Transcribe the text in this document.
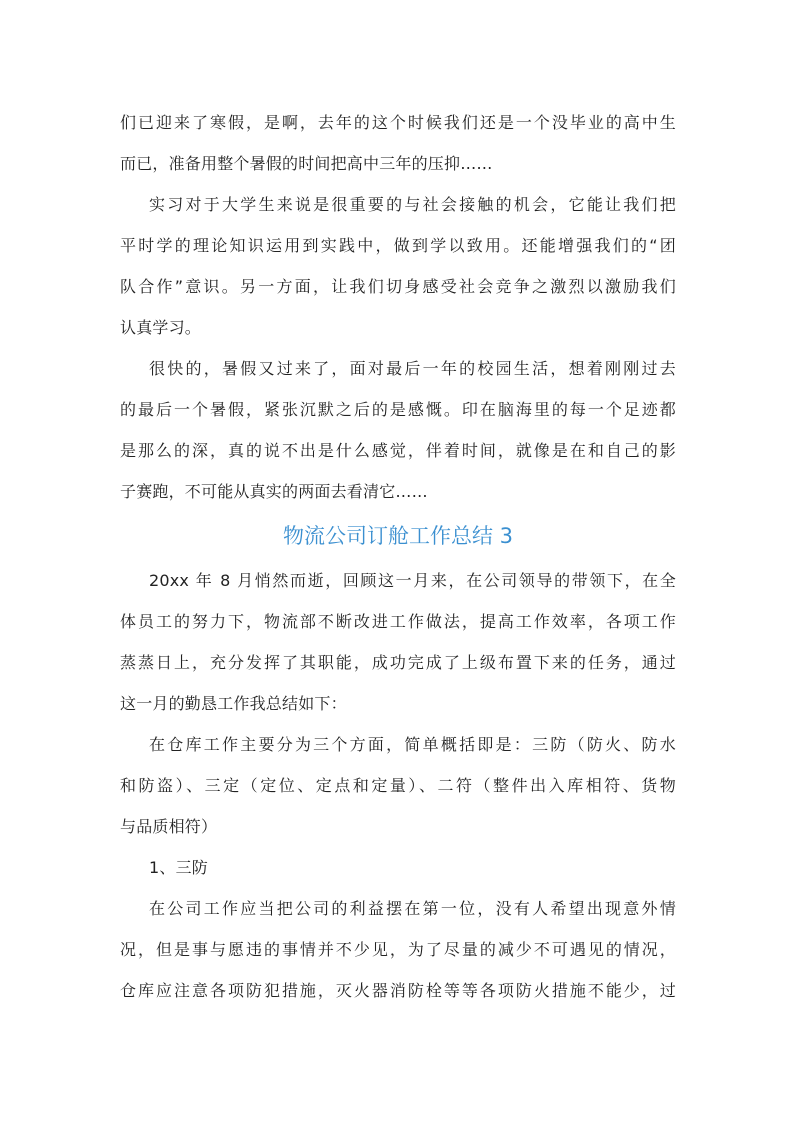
们已迎来了寒假，是啊，去年的这个时候我们还是一个没毕业的高中生
而已，准备用整个暑假的时间把高中三年的压抑……
实习对于大学生来说是很重要的与社会接触的机会，它能让我们把
平时学的理论知识运用到实践中，做到学以致用。还能增强我们的“团
队合作”意识。另一方面，让我们切身感受社会竞争之激烈以激励我们
认真学习。
很快的，暑假又过来了，面对最后一年的校园生活，想着刚刚过去
的最后一个暑假，紧张沉默之后的是感慨。印在脑海里的每一个足迹都
是那么的深，真的说不出是什么感觉，伴着时间，就像是在和自己的影
子赛跑，不可能从真实的两面去看清它……
物流公司订舱工作总结 3
20xx 年 8 月悄然而逝，回顾这一月来，在公司领导的带领下，在全
体员工的努力下，物流部不断改进工作做法，提高工作效率，各项工作
蒸蒸日上，充分发挥了其职能，成功完成了上级布置下来的任务，通过
这一月的勤恳工作我总结如下：
在仓库工作主要分为三个方面，简单概括即是：三防（防火、防水
和防盗）、三定（定位、定点和定量）、二符（整件出入库相符、货物
与品质相符）
1、三防
在公司工作应当把公司的利益摆在第一位，没有人希望出现意外情
况，但是事与愿违的事情并不少见，为了尽量的减少不可遇见的情况，
仓库应注意各项防犯措施，灭火器消防栓等等各项防火措施不能少，过
